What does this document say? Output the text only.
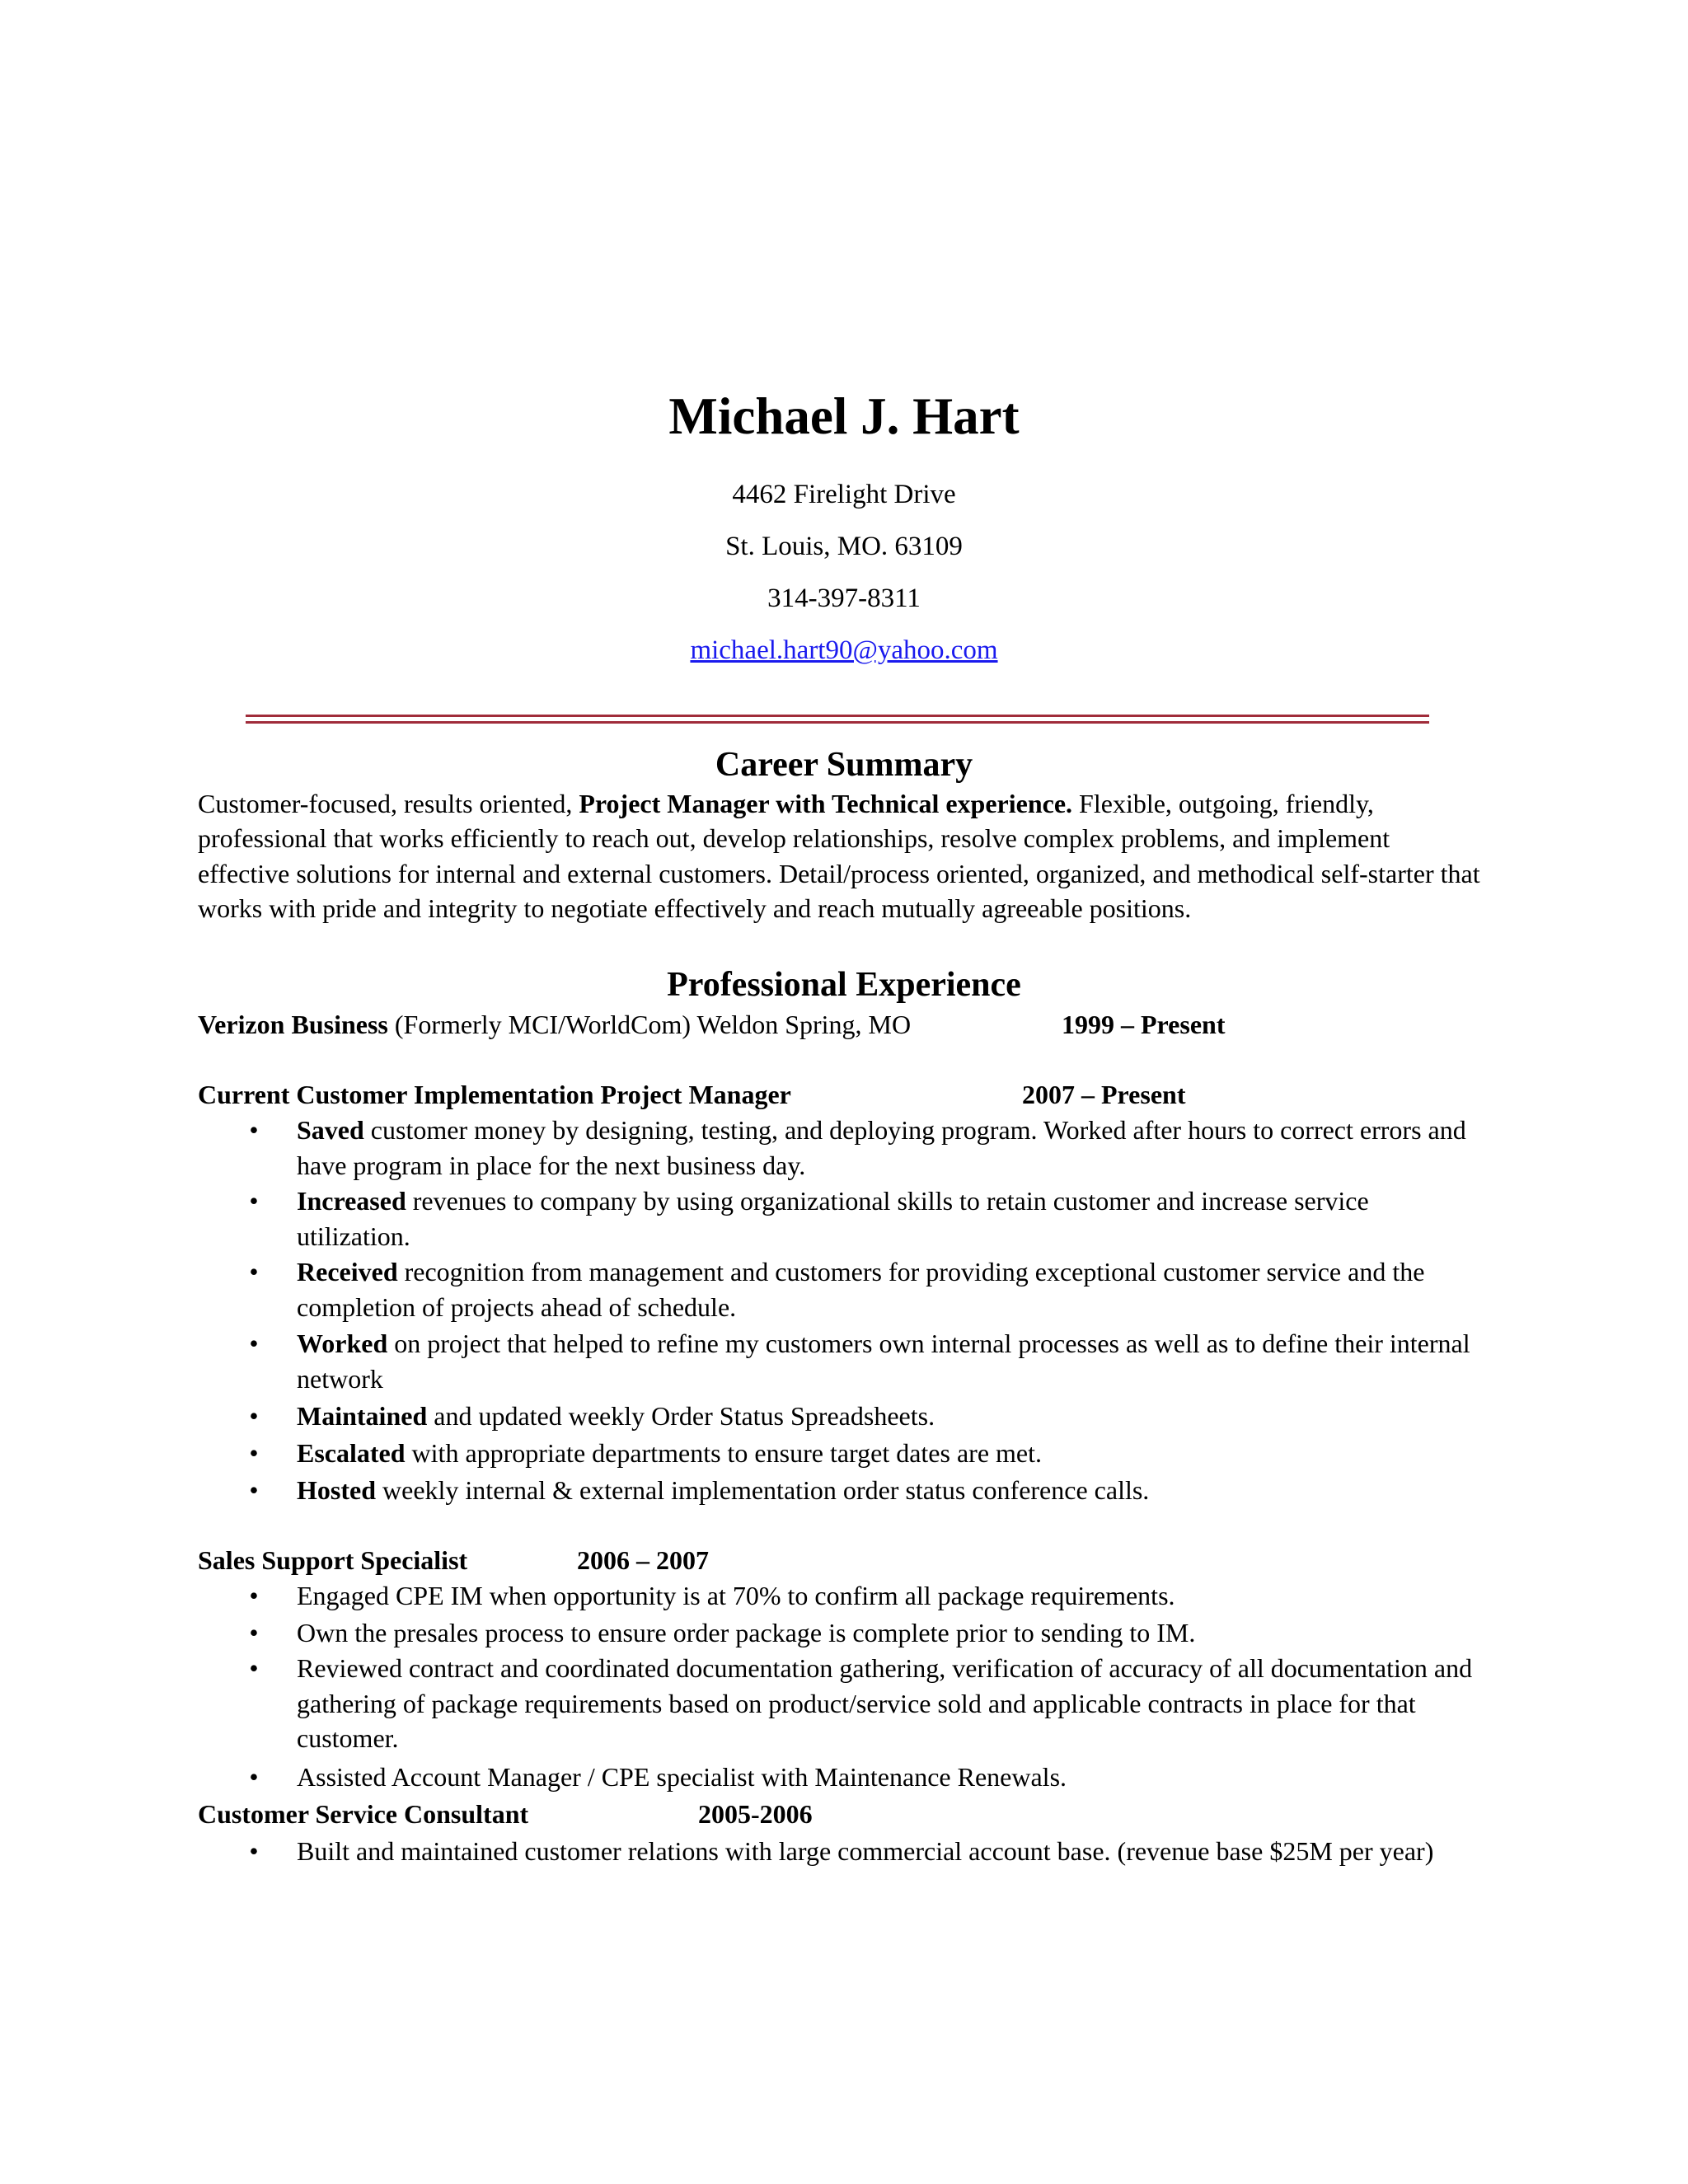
Michael J. Hart
4462 Firelight Drive
St. Louis, MO. 63109
314-397-8311
michael.hart90@yahoo.com
Career Summary
Customer-focused, results oriented, Project Manager with Technical experience. Flexible, outgoing, friendly, professional that works efficiently to reach out, develop relationships, resolve complex problems, and implement effective solutions for internal and external customers. Detail/process oriented, organized, and methodical self-starter that works with pride and integrity to negotiate effectively and reach mutually agreeable positions.
Professional Experience
Verizon Business (Formerly MCI/WorldCom) Weldon Spring, MO	1999 – Present
Current Customer Implementation Project Manager	2007 – Present
• Saved customer money by designing, testing, and deploying program. Worked after hours to correct errors and have program in place for the next business day.
• Increased revenues to company by using organizational skills to retain customer and increase service utilization.
• Received recognition from management and customers for providing exceptional customer service and the completion of projects ahead of schedule.
• Worked on project that helped to refine my customers own internal processes as well as to define their internal network
• Maintained and updated weekly Order Status Spreadsheets.
• Escalated with appropriate departments to ensure target dates are met.
• Hosted weekly internal & external implementation order status conference calls.
Sales Support Specialist	2006 – 2007
• Engaged CPE IM when opportunity is at 70% to confirm all package requirements.
• Own the presales process to ensure order package is complete prior to sending to IM.
• Reviewed contract and coordinated documentation gathering, verification of accuracy of all documentation and gathering of package requirements based on product/service sold and applicable contracts in place for that customer.
• Assisted Account Manager / CPE specialist with Maintenance Renewals.
Customer Service Consultant	2005-2006
• Built and maintained customer relations with large commercial account base. (revenue base $25M per year)
